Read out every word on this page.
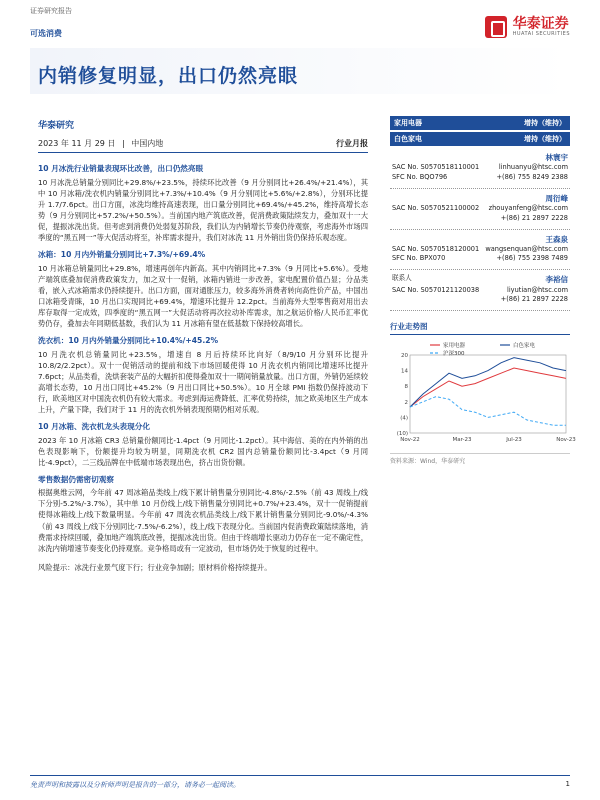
证券研究报告
可选消费
华泰证券
HUATAI SECURITIES
内销修复明显，出口仍然亮眼
华泰研究
2023 年 11 月 29 日 | 中国内地	行业月报
10 月冰洗行业销量表现环比改善，出口仍然亮眼
10 月冰洗总销量分别同比+29.8%/+23.5%，持续环比改善（9 月分别同比+26.4%/+21.4%），其中 10 月冰箱/洗衣机内销量分别同比+7.3%/+10.4%（9 月分别同比+5.6%/+2.8%），分别环比提升 1.7/7.6pct。出口方面，冰洗均维持高速表现，出口量分别同比+69.4%/+45.2%，维持高增长态势（9 月分别同比+57.2%/+50.5%）。当前国内地产筑底改善，促消费政策陆续发力，叠加双十一大促，提振冰洗出货。但考虑到消费仍处弱复苏阶段，我们认为内销增长节奏仍待观察，考虑海外市场四季度的“黑五网一”等大促活动将至，补库需求提升，我们对冰洗 11 月外销出货仍保持乐观态度。
冰箱：10 月内外销量分别同比+7.3%/+69.4%
10 月冰箱总销量同比+29.8%，增速再创年内新高。其中内销同比+7.3%（9 月同比+5.6%）。受地产端筑底叠加促消费政策发力，加之双十一促销，冰箱内销进一步改善，家电配置价值凸显；分品类看，嵌入式冰箱需求仍持续提升。出口方面，面对通胀压力，较多海外消费者转向高性价产品，中国出口冰箱受青睐，10 月出口实现同比+69.4%，增速环比提升 12.2pct。当前海外大型零售商对用出去库存取得一定成效，四季度的“黑五网一”大促活动将再次拉动补库需求，加之航运价格/人民币汇率优势仍存，叠加去年同期低基数，我们认为 11 月冰箱有望在低基数下保持较高增长。
洗衣机：10 月内外销量分别同比+10.4%/+45.2%
10 月洗衣机总销量同比+23.5%，增速自 8 月后持续环比向好（8/9/10 月分别环比提升 10.8/2/2.2pct）。双十一促销活动的提前和线下市场回暖使得 10 月洗衣机内销同比增速环比提升 7.6pct；从品类看，洗烘套装产品的大幅折扣使得叠加双十一期间销量放量。出口方面，外销仍延续较高增长态势，10 月出口同比+45.2%（9 月出口同比+50.5%）。10 月全球 PMI 指数仍保持波动下行，欧美地区对中国洗衣机仍有较大需求。考虑到海运费降低、汇率优势持续，加之欧美地区生产成本上升，产量下降，我们对于 11 月的洗衣机外销表现预期仍相对乐观。
10 月冰箱、洗衣机龙头表现分化
2023 年 10 月冰箱 CR3 总销量份额同比-1.4pct（9 月同比-1.2pct）。其中海信、美的在内外销的出色表现影响下，份额提升均较为明显，同期洗衣机 CR2 国内总销量份额同比-3.4pct（9 月同比-4.9pct），二三线品牌在中低端市场表现出色，挤占出货份额。
零售数据仍需密切观察
根据奥维云网，今年前 47 周冰箱品类线上/线下累计销售量分别同比-4.8%/-2.5%（前 43 周线上/线下分别-5.2%/-3.7%），其中单 10 月份线上/线下销售量分别同比+0.7%/+23.4%，双十一促销提前使得冰箱线上/线下数量明显。今年前 47 周洗衣机品类线上/线下累计销售量分别同比-9.0%/-4.3%（前 43 周线上/线下分别同比-7.5%/-6.2%），线上/线下表现分化。当前国内促消费政策陆续落地，消费需求持续回暖，叠加地产端筑底改善，提振冰洗出货。但由于终端增长驱动力仍存在一定不确定性，冰洗内销增速节奏变化仍持观察。竞争格局或有一定波动，但市场仍处于恢复的过程中。
风险提示：冰洗行业景气度下行；行业竞争加剧；原材料价格持续提升。
家用电器	增持（维持）
白色家电	增持（维持）
林寰宇
SAC No. S0570518110001	linhuanyu@htsc.com
SFC No. BQO796	+(86) 755 8249 2388
周衍峰
SAC No. S0570521100002 zhouyanfeng@htsc.com
+(86) 21 2897 2228
王森泉
SAC No. S0570518120001 wangsenquan@htsc.com
SFC No. BPX070	+(86) 755 2398 7489
联系人	李裕信
SAC No. S0570121120038	liyutian@htsc.com
+(86) 21 2897 2228
行业走势图
(10)
(4)
2
8
14
20
Nov-22	Mar-23	Jul-23	Nov-23
家用电器	白色家电
沪深300
资料来源：Wind，华泰研究
免责声明和披露以及分析师声明是报告的一部分，请务必一起阅读。	1
